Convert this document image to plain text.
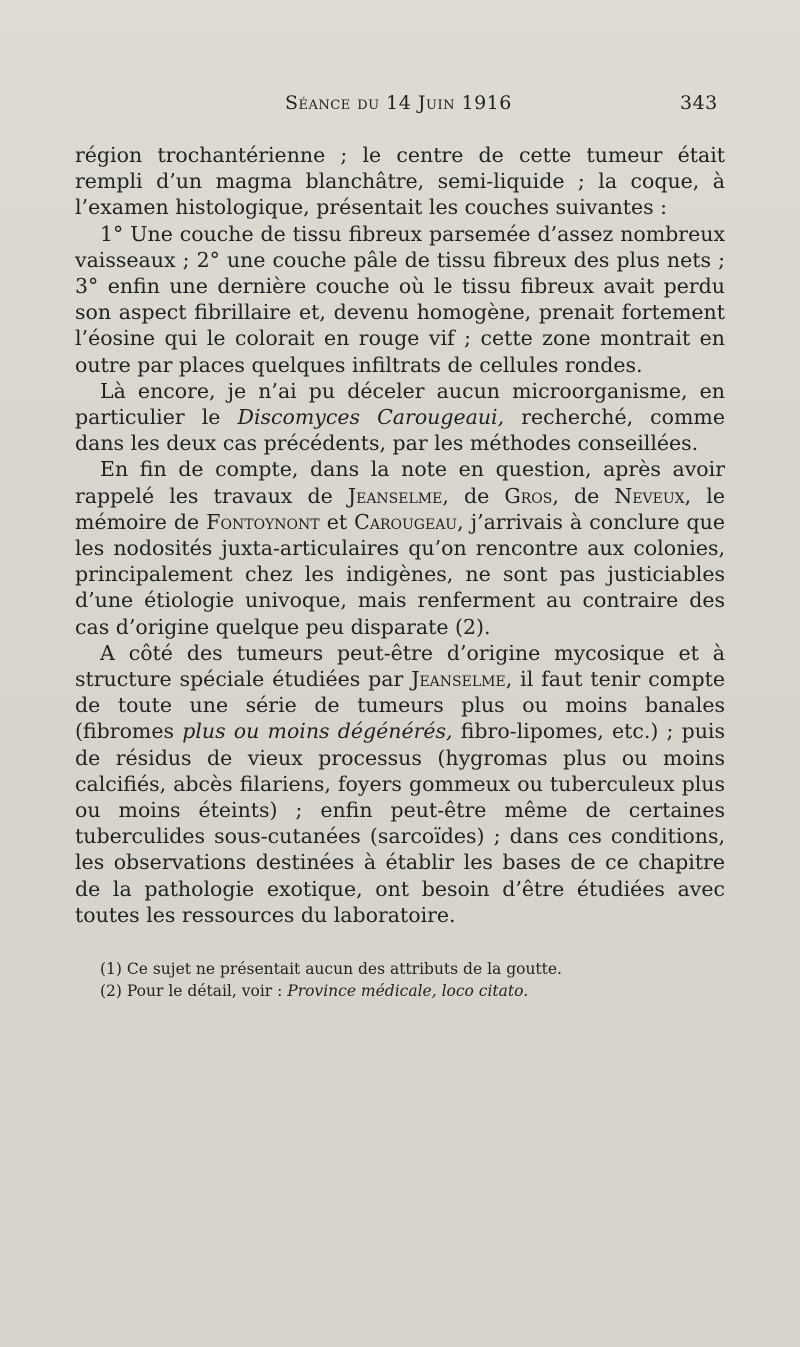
Séance du 14 Juin 1916	343

région trochantérienne ; le centre de cette tumeur était rempli d’un magma blanchâtre, semi-liquide ; la coque, à l’examen histologique, présentait les couches suivantes :

1° Une couche de tissu fibreux parsemée d’assez nombreux vaisseaux ; 2° une couche pâle de tissu fibreux des plus nets ; 3° enfin une dernière couche où le tissu fibreux avait perdu son aspect fibrillaire et, devenu homogène, prenait fortement l’éosine qui le colorait en rouge vif ; cette zone montrait en outre par places quelques infiltrats de cellules rondes.

Là encore, je n’ai pu déceler aucun microorganisme, en particulier le Discomyces Carougeaui, recherché, comme dans les deux cas précédents, par les méthodes conseillées.

En fin de compte, dans la note en question, après avoir rappelé les travaux de Jeanselme, de Gros, de Neveux, le mémoire de Fontoynont et Carougeau, j’arrivais à conclure que les nodosités juxta-articulaires qu’on rencontre aux colonies, principalement chez les indigènes, ne sont pas justiciables d’une étiologie univoque, mais renferment au contraire des cas d’origine quelque peu disparate (2).

A côté des tumeurs peut-être d’origine mycosique et à structure spéciale étudiées par Jeanselme, il faut tenir compte de toute une série de tumeurs plus ou moins banales (fibromes plus ou moins dégénérés, fibro-lipomes, etc.) ; puis de résidus de vieux processus (hygromas plus ou moins calcifiés, abcès filariens, foyers gommeux ou tuberculeux plus ou moins éteints) ; enfin peut-être même de certaines tuberculides sous-cutanées (sarcoïdes) ; dans ces conditions, les observations destinées à établir les bases de ce chapitre de la pathologie exotique, ont besoin d’être étudiées avec toutes les ressources du laboratoire.

(1) Ce sujet ne présentait aucun des attributs de la goutte.

(2) Pour le détail, voir : Province médicale, loco citato.
